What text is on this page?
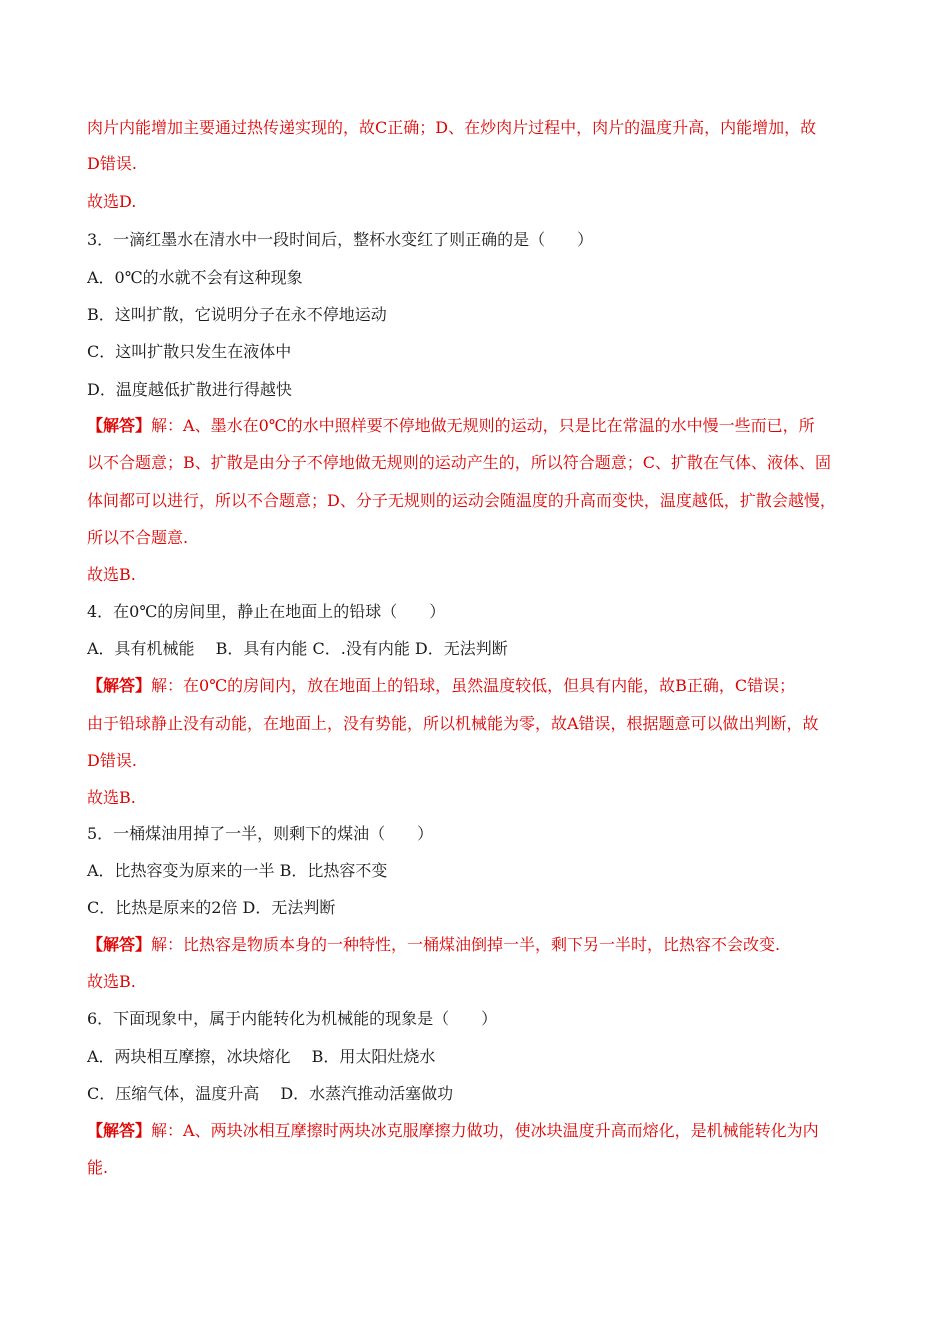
肉片内能增加主要通过热传递实现的，故C正确；D、在炒肉片过程中，肉片的温度升高，内能增加，故
D错误.
故选D.
3．一滴红墨水在清水中一段时间后，整杯水变红了则正确的是（　　）
A．0℃的水就不会有这种现象
B．这叫扩散，它说明分子在永不停地运动
C．这叫扩散只发生在液体中
D．温度越低扩散进行得越快
【解答】解：A、墨水在0℃的水中照样要不停地做无规则的运动，只是比在常温的水中慢一些而已，所
以不合题意；B、扩散是由分子不停地做无规则的运动产生的，所以符合题意；C、扩散在气体、液体、固
体间都可以进行，所以不合题意；D、分子无规则的运动会随温度的升高而变快，温度越低，扩散会越慢，
所以不合题意.
故选B.
4．在0℃的房间里，静止在地面上的铅球（　　）
A．具有机械能　 B．具有内能 C．.没有内能 D．无法判断
【解答】解：在0℃的房间内，放在地面上的铅球，虽然温度较低，但具有内能，故B正确，C错误；
由于铅球静止没有动能，在地面上，没有势能，所以机械能为零，故A错误，根据题意可以做出判断，故
D错误.
故选B.
5．一桶煤油用掉了一半，则剩下的煤油（　　）
A．比热容变为原来的一半 B．比热容不变
C．比热是原来的2倍 D．无法判断
【解答】解：比热容是物质本身的一种特性，一桶煤油倒掉一半，剩下另一半时，比热容不会改变.
故选B.
6．下面现象中，属于内能转化为机械能的现象是（　　）
A．两块相互摩擦，冰块熔化　 B．用太阳灶烧水
C．压缩气体，温度升高　 D．水蒸汽推动活塞做功
【解答】解：A、两块冰相互摩擦时两块冰克服摩擦力做功，使冰块温度升高而熔化，是机械能转化为内
能.
